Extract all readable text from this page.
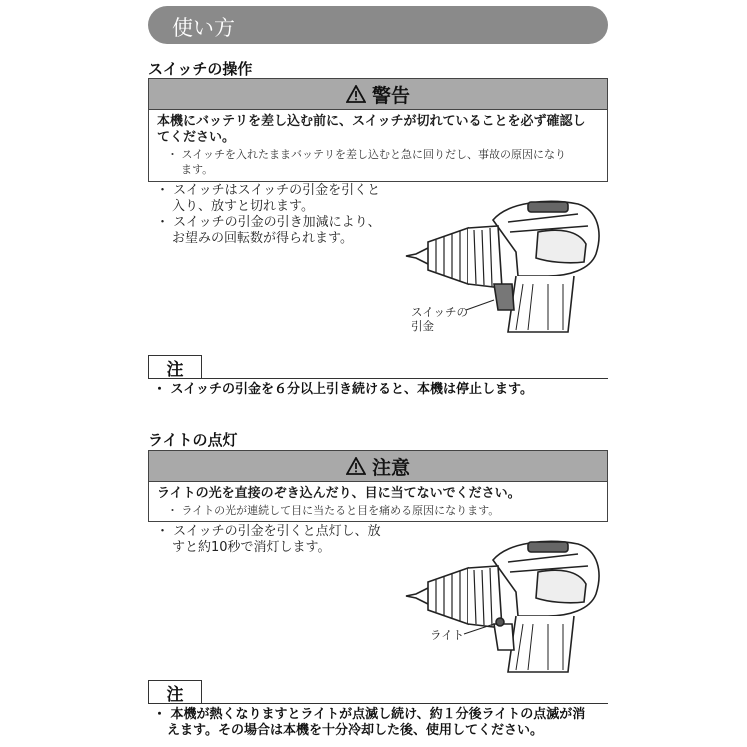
使い方
スイッチの操作
警告
本機にバッテリを差し込む前に、スイッチが切れていることを必ず確認し
てください。
・ スイッチを入れたままバッテリを差し込むと急に回りだし、事故の原因になり
ます。
・ スイッチはスイッチの引金を引くと
入り、放すと切れます。
・ スイッチの引金の引き加減により、
お望みの回転数が得られます。
スイッチの
引金
注
・ スイッチの引金を６分以上引き続けると、本機は停止します。
ライトの点灯
注意
ライトの光を直接のぞき込んだり、目に当てないでください。
・ ライトの光が連続して目に当たると目を痛める原因になります。
・ スイッチの引金を引くと点灯し、放
すと約10秒で消灯します。
ライト
注
・ 本機が熱くなりますとライトが点滅し続け、約１分後ライトの点滅が消
えます。その場合は本機を十分冷却した後、使用してください。
